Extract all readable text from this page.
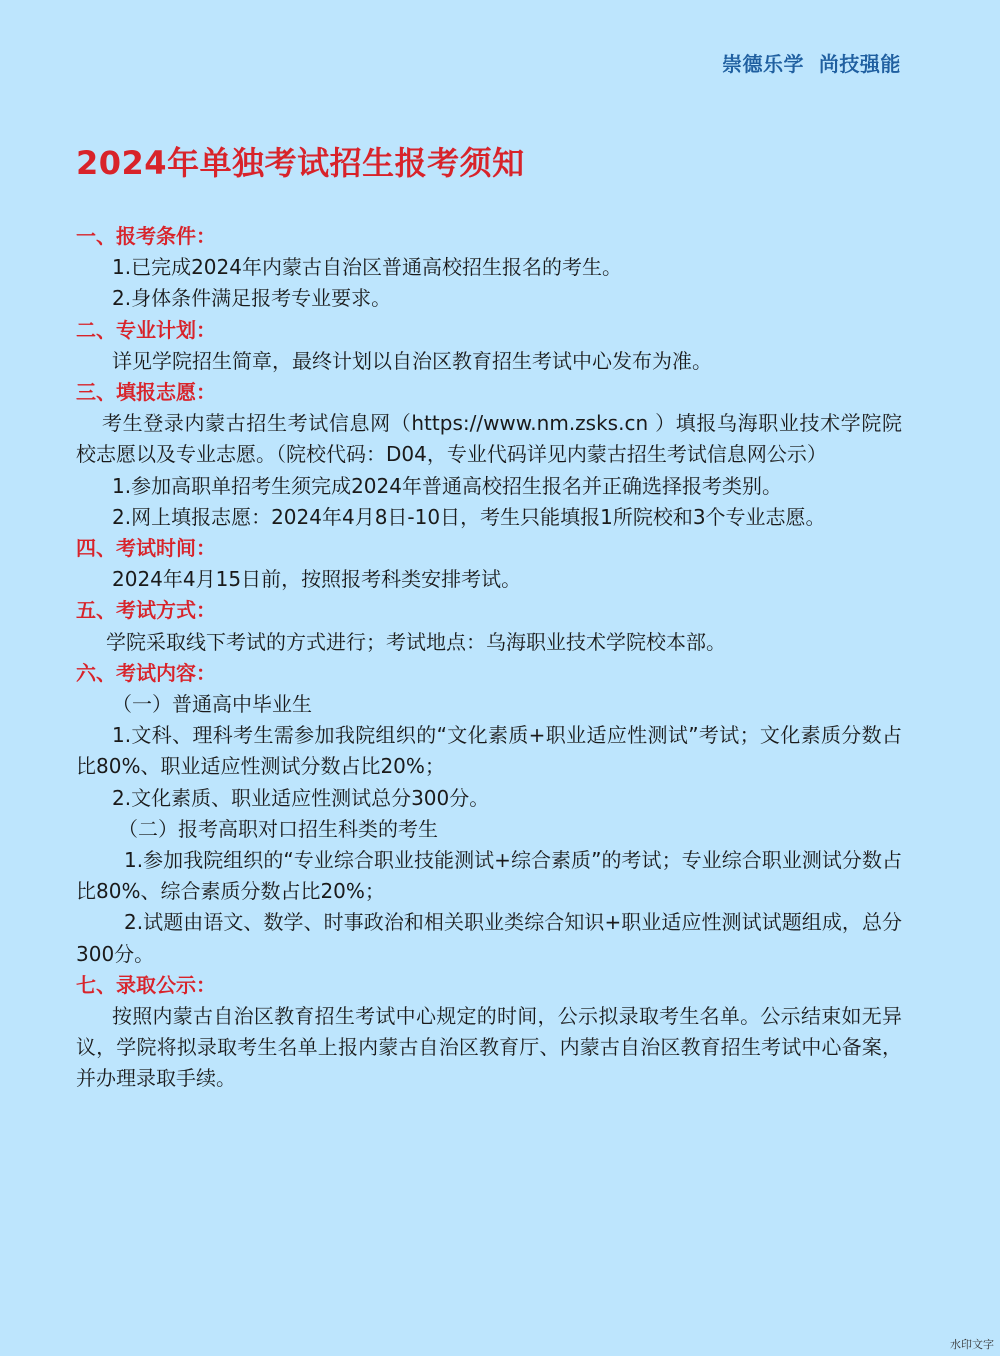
崇德乐学  尚技强能
2024年单独考试招生报考须知
一、报考条件：
1.已完成2024年内蒙古自治区普通高校招生报名的考生。
2.身体条件满足报考专业要求。
二、专业计划：
详见学院招生简章，最终计划以自治区教育招生考试中心发布为准。
三、填报志愿：
考生登录内蒙古招生考试信息网（https://www.nm.zsks.cn ）填报乌海职业技术学院院校志愿以及专业志愿。（院校代码：D04，专业代码详见内蒙古招生考试信息网公示）
1.参加高职单招考生须完成2024年普通高校招生报名并正确选择报考类别。
2.网上填报志愿：2024年4月8日-10日，考生只能填报1所院校和3个专业志愿。
四、考试时间：
2024年4月15日前，按照报考科类安排考试。
五、考试方式：
学院采取线下考试的方式进行；考试地点：乌海职业技术学院校本部。
六、考试内容：
（一）普通高中毕业生
1.文科、理科考生需参加我院组织的“文化素质+职业适应性测试”考试；文化素质分数占比80%、职业适应性测试分数占比20%；
2.文化素质、职业适应性测试总分300分。
（二）报考高职对口招生科类的考生
1.参加我院组织的“专业综合职业技能测试+综合素质”的考试；专业综合职业测试分数占比80%、综合素质分数占比20%；
2.试题由语文、数学、时事政治和相关职业类综合知识+职业适应性测试试题组成，总分300分。
七、录取公示：
按照内蒙古自治区教育招生考试中心规定的时间，公示拟录取考生名单。公示结束如无异议，学院将拟录取考生名单上报内蒙古自治区教育厅、内蒙古自治区教育招生考试中心备案，并办理录取手续。
水印文字
